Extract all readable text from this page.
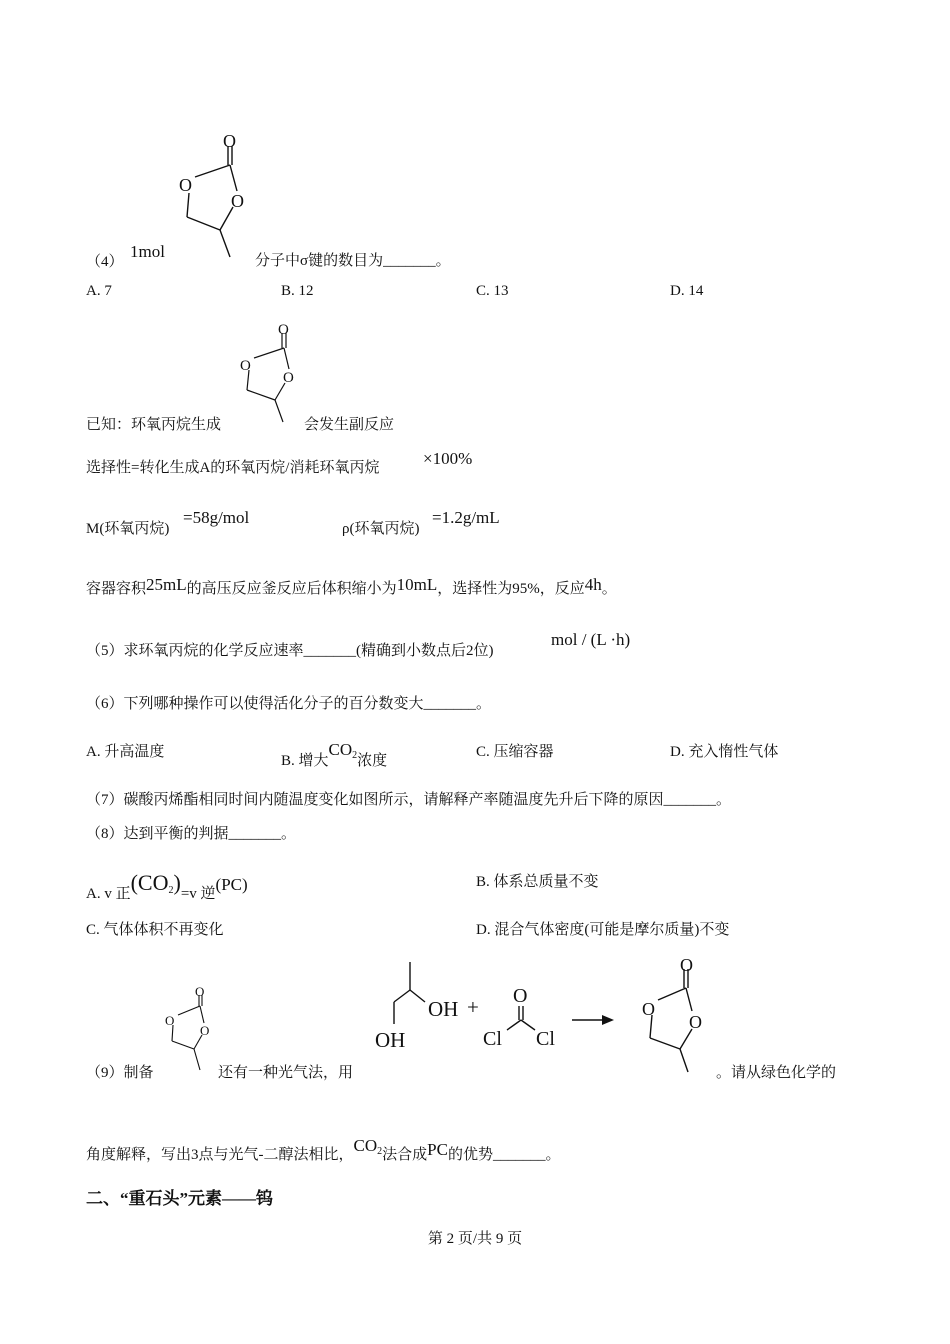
（4）
1mol
O
O
O
分子中σ键的数目为_______。
A. 7	B. 12	C. 13	D. 14
已知：环氧丙烷生成
O
O
O
会发生副反应
选择性=转化生成A的环氧丙烷/消耗环氧丙烷	×100%
M(环氧丙烷)
=58g/mol
ρ(环氧丙烷)
=1.2g/mL
容器容积25mL的高压反应釜反应后体积缩小为10mL，选择性为95%，反应4h。
（5）求环氧丙烷的化学反应速率_______(精确到小数点后2位)
mol / (L ·h)
（6）下列哪种操作可以使得活化分子的百分数变大_______。
A. 升高温度
B. 增大$CO_2$浓度
C. 压缩容器	D. 充入惰性气体
（7）碳酸丙烯酯相同时间内随温度变化如图所示，请解释产率随温度先升后下降的原因_______。
（8）达到平衡的判据_______。
A. v 正$(CO_2)=v$ 逆(PC)	B. 体系总质量不变
C. 气体体积不再变化	D. 混合气体密度(可能是摩尔质量)不变
（9）制备
O
O
O
还有一种光气法，用
OH
OH
+ O
Cl Cl
O
O
O
。请从绿色化学的
角度解释，写出3点与光气-二醇法相比，$CO_2$法合成PC的优势_______。
二、“重石头”元素——钨
第 2 页/共 9 页
